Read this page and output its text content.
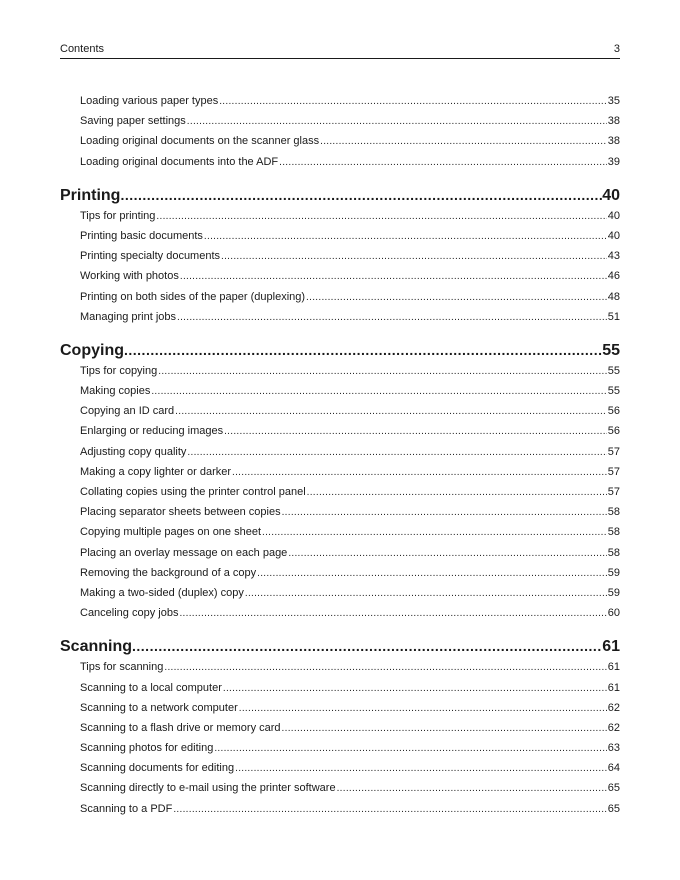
Contents	3
Loading various paper types .....	35
Saving paper settings .....	38
Loading original documents on the scanner glass .....	38
Loading original documents into the ADF .....	39
Printing .....	40
Tips for printing .....	40
Printing basic documents .....	40
Printing specialty documents .....	43
Working with photos .....	46
Printing on both sides of the paper (duplexing) .....	48
Managing print jobs .....	51
Copying .....	55
Tips for copying .....	55
Making copies .....	55
Copying an ID card .....	56
Enlarging or reducing images .....	56
Adjusting copy quality .....	57
Making a copy lighter or darker .....	57
Collating copies using the printer control panel .....	57
Placing separator sheets between copies .....	58
Copying multiple pages on one sheet .....	58
Placing an overlay message on each page .....	58
Removing the background of a copy .....	59
Making a two-sided (duplex) copy .....	59
Canceling copy jobs .....	60
Scanning .....	61
Tips for scanning .....	61
Scanning to a local computer .....	61
Scanning to a network computer .....	62
Scanning to a flash drive or memory card .....	62
Scanning photos for editing .....	63
Scanning documents for editing .....	64
Scanning directly to e-mail using the printer software .....	65
Scanning to a PDF .....	65
